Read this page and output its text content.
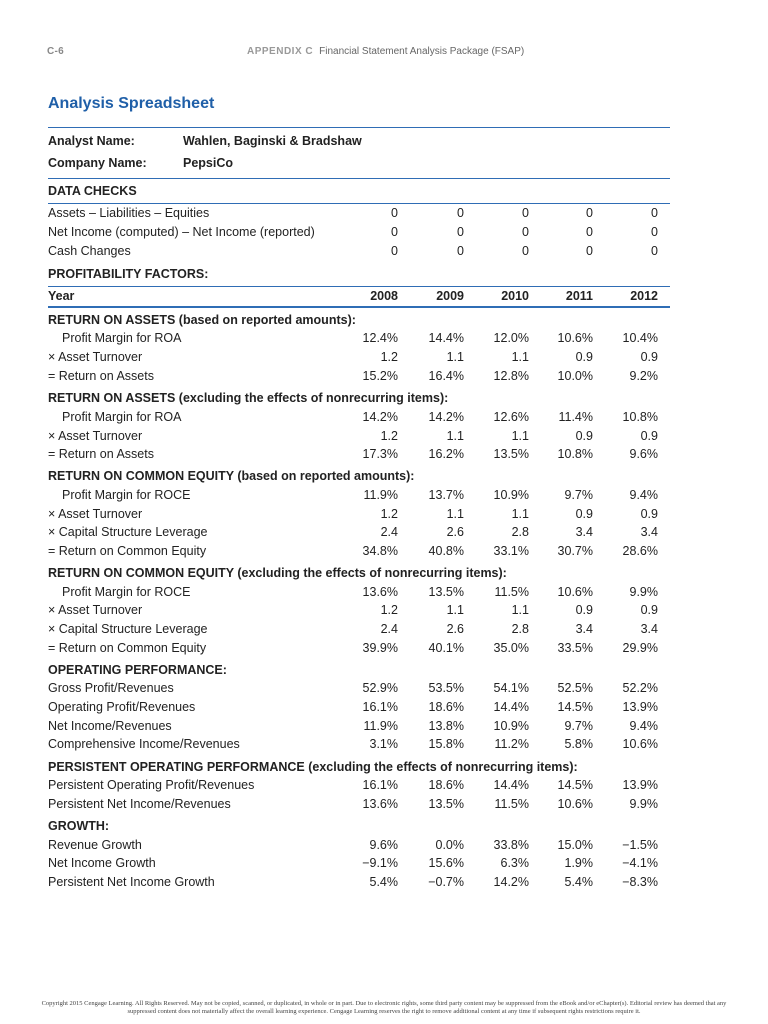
C-6	APPENDIX C Financial Statement Analysis Package (FSAP)
Analysis Spreadsheet
Analyst Name:	Wahlen, Baginski & Bradshaw
Company Name:	PepsiCo
DATA CHECKS
Assets – Liabilities – Equities	0	0	0	0	0
Net Income (computed) – Net Income (reported)	0	0	0	0	0
Cash Changes	0	0	0	0	0
PROFITABILITY FACTORS:
Year	2008	2009	2010	2011	2012
RETURN ON ASSETS (based on reported amounts):
Profit Margin for ROA	12.4%	14.4%	12.0%	10.6%	10.4%
× Asset Turnover	1.2	1.1	1.1	0.9	0.9
= Return on Assets	15.2%	16.4%	12.8%	10.0%	9.2%
RETURN ON ASSETS (excluding the effects of nonrecurring items):
Profit Margin for ROA	14.2%	14.2%	12.6%	11.4%	10.8%
× Asset Turnover	1.2	1.1	1.1	0.9	0.9
= Return on Assets	17.3%	16.2%	13.5%	10.8%	9.6%
RETURN ON COMMON EQUITY (based on reported amounts):
Profit Margin for ROCE	11.9%	13.7%	10.9%	9.7%	9.4%
× Asset Turnover	1.2	1.1	1.1	0.9	0.9
× Capital Structure Leverage	2.4	2.6	2.8	3.4	3.4
= Return on Common Equity	34.8%	40.8%	33.1%	30.7%	28.6%
RETURN ON COMMON EQUITY (excluding the effects of nonrecurring items):
Profit Margin for ROCE	13.6%	13.5%	11.5%	10.6%	9.9%
× Asset Turnover	1.2	1.1	1.1	0.9	0.9
× Capital Structure Leverage	2.4	2.6	2.8	3.4	3.4
= Return on Common Equity	39.9%	40.1%	35.0%	33.5%	29.9%
OPERATING PERFORMANCE:
Gross Profit/Revenues	52.9%	53.5%	54.1%	52.5%	52.2%
Operating Profit/Revenues	16.1%	18.6%	14.4%	14.5%	13.9%
Net Income/Revenues	11.9%	13.8%	10.9%	9.7%	9.4%
Comprehensive Income/Revenues	3.1%	15.8%	11.2%	5.8%	10.6%
PERSISTENT OPERATING PERFORMANCE (excluding the effects of nonrecurring items):
Persistent Operating Profit/Revenues	16.1%	18.6%	14.4%	14.5%	13.9%
Persistent Net Income/Revenues	13.6%	13.5%	11.5%	10.6%	9.9%
GROWTH:
Revenue Growth	9.6%	0.0%	33.8%	15.0%	−1.5%
Net Income Growth	−9.1%	15.6%	6.3%	1.9%	−4.1%
Persistent Net Income Growth	5.4%	−0.7%	14.2%	5.4%	−8.3%
Copyright 2015 Cengage Learning. All Rights Reserved. May not be copied, scanned, or duplicated, in whole or in part. Due to electronic rights, some third party content may be suppressed from the eBook and/or eChapter(s). Editorial review has deemed that any suppressed content does not materially affect the overall learning experience. Cengage Learning reserves the right to remove additional content at any time if subsequent rights restrictions require it.
